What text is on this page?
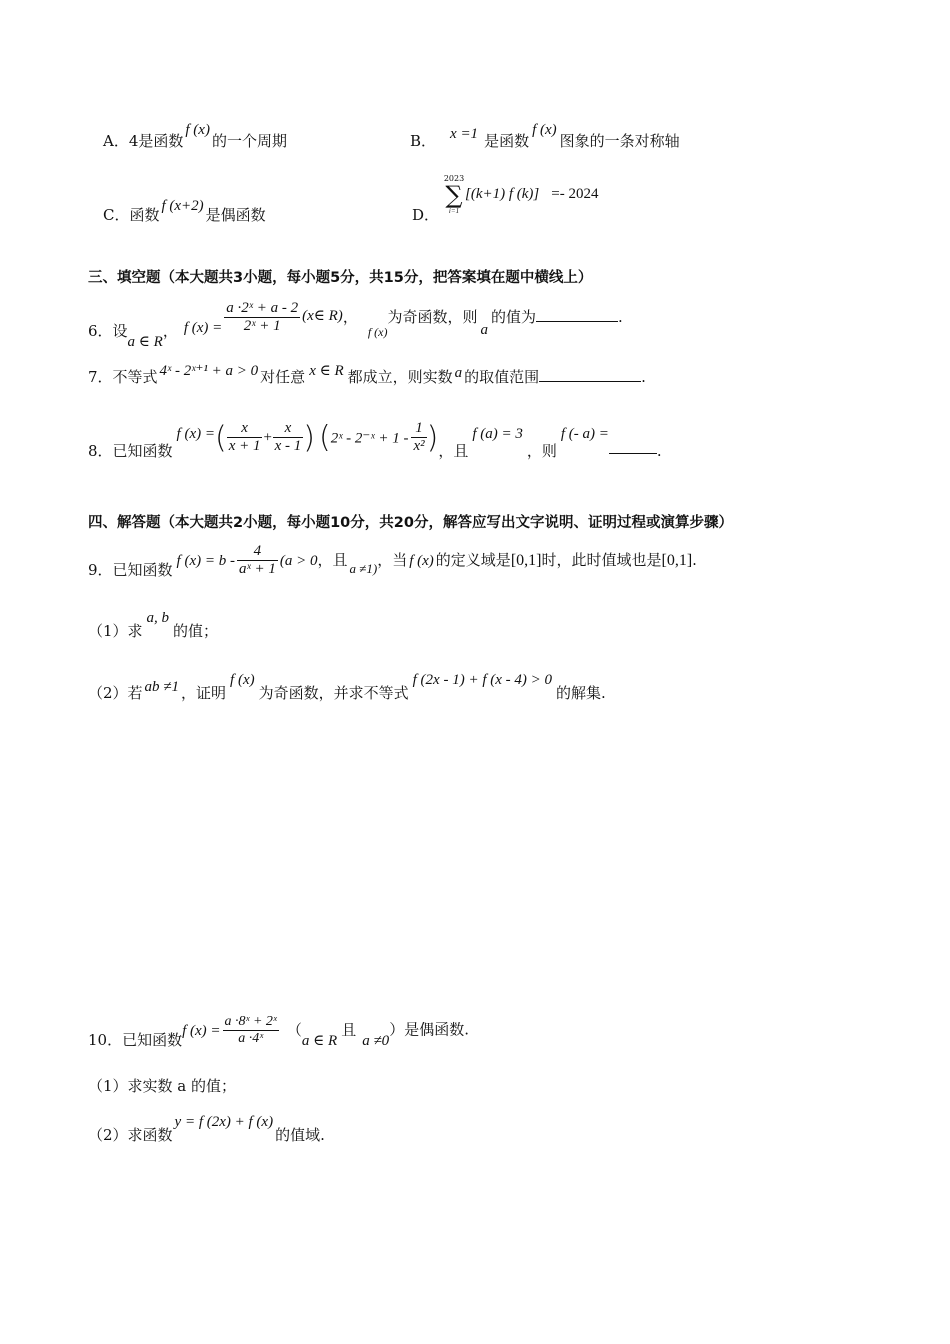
A．4是函数f (x)的一个周期	B． x =1 是函数f (x)图象的一条对称轴
C．函数 f (x+2) 是偶函数	D．
2023
∑
i=1
[(k+1) f (k)] =- 2024
三、填空题（本大题共3小题，每小题5分，共15分，把答案填在题中横线上）
6．设a ∈ R， f $(x) = \frac{\text{a ·2ˣ + a - 2}}{\text{2ˣ + 1}}$ (x∈ R)，$_{f (x)}$为奇函数，则a的值为	.
7．不等式 4ˣ - 2ˣ⁺¹ + a > 0 对任意 x ∈ R 都成立，则实数 a 的取值范围	.
8．已知函数f (x) =( $\frac{x}{x + 1} + \frac{x}{x - 1}$ ) (2ˣ - 2⁻ˣ + $1 - \frac{1}{\text{x²}}$ )，且f (a) = 3，则f (- a) =.
四、解答题（本大题共2小题，每小题10分，共20分，解答应写出文字说明、证明过程或演算步骤）
9．已知函数 f $(x) = b - \frac{4}{\text{aˣ + 1}} (a > 0$，且 a ≠1)，当 f (x) 的定义域是[0,1]时，此时值域也是[0,1].
（1）求a, b的值；
（2）若 ab ≠1 ，证明f (x)为奇函数，并求不等式f (2x - 1) + f (x - 4) > 0的解集.
10．已知函数f $(x) = \frac{\text{a ·8ˣ + 2ˣ}}{\text{a ·4ˣ}} (a$ ∈ R且a ≠0）是偶函数.
（1）求实数 a 的值；
（2）求函数y = f (2x) + f (x)的值域.
